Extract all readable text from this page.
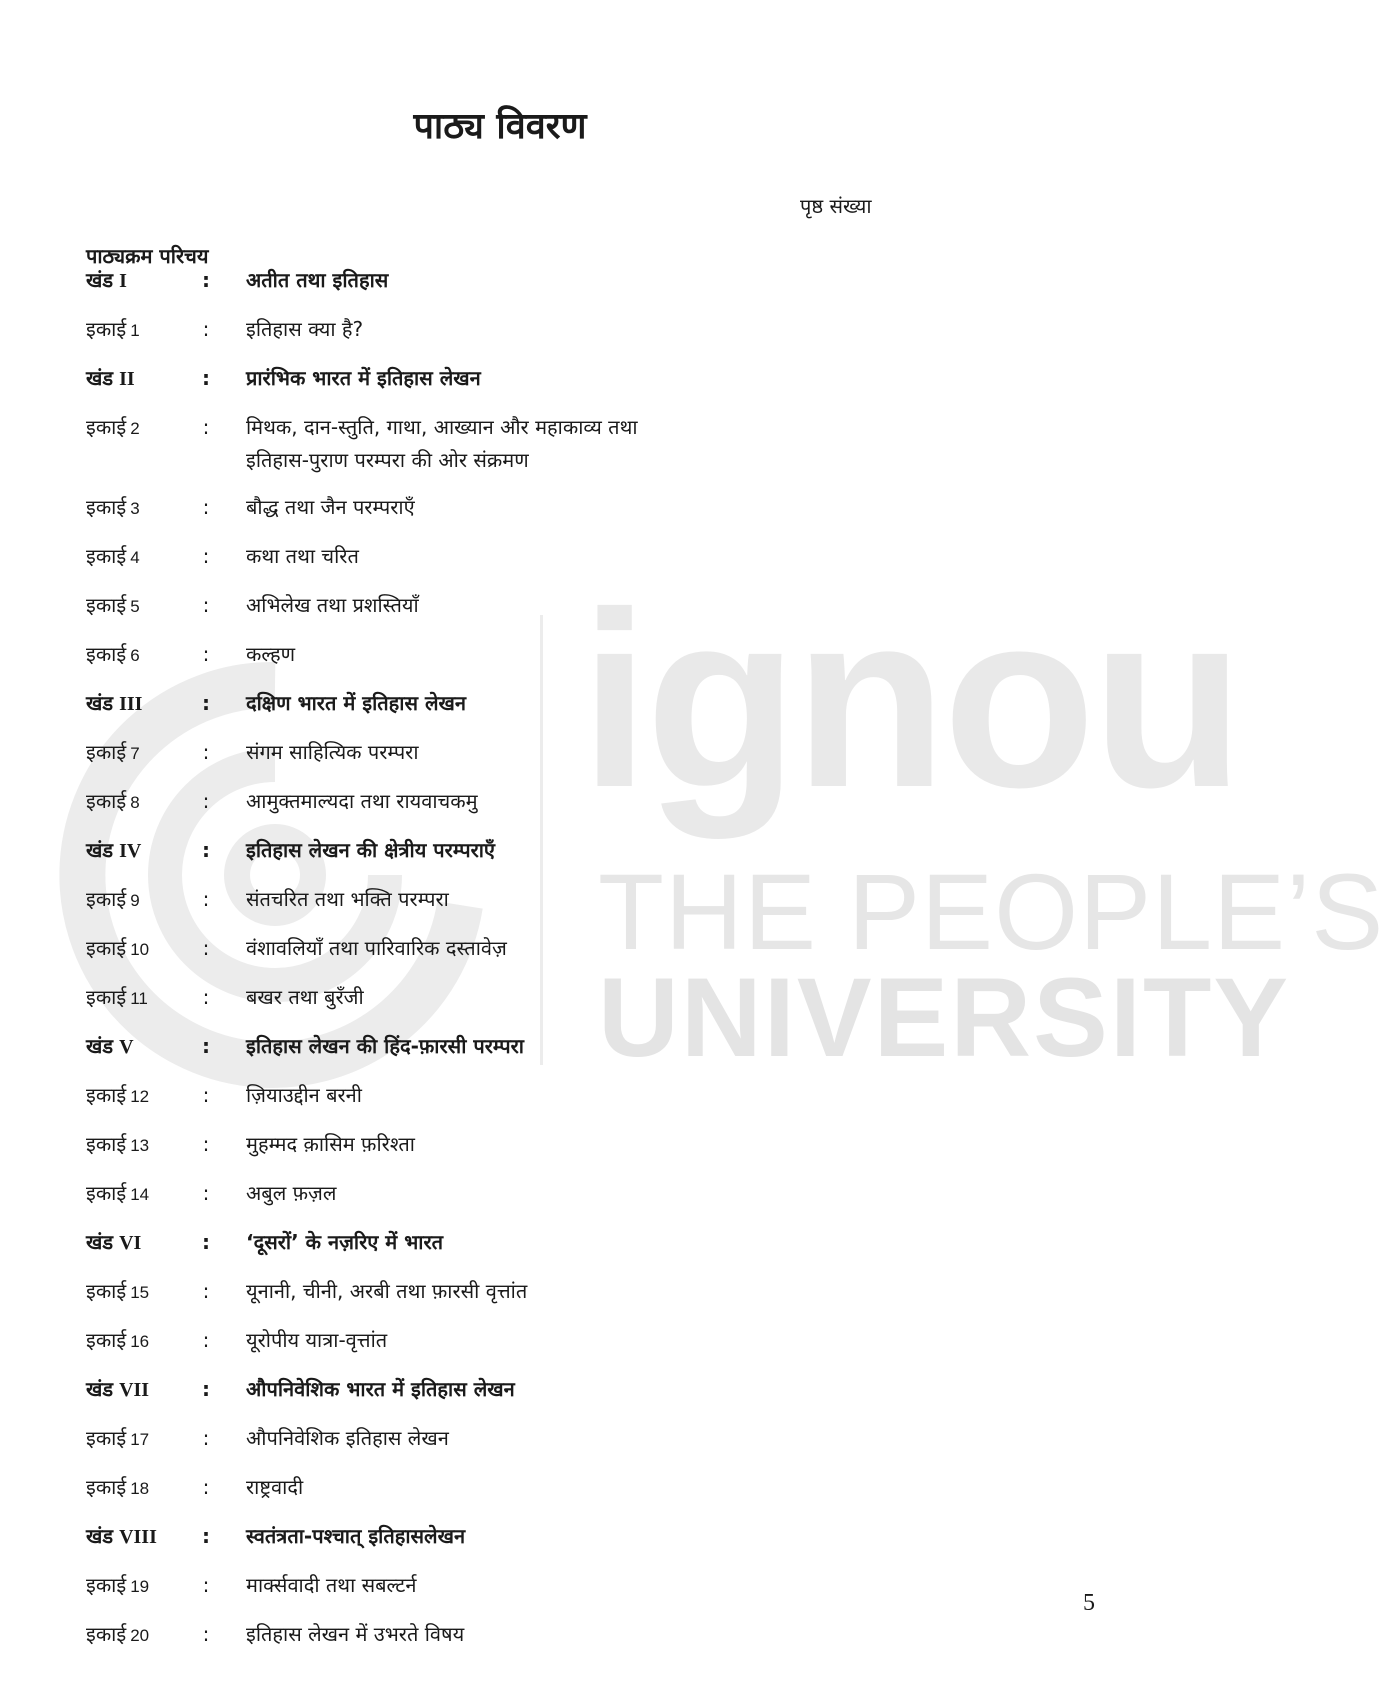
ignou
THE PEOPLE’S
UNIVERSITY
पाठ्य विवरण
पृष्ठ संख्या
पाठ्यक्रम परिचय
खंड I	:	अतीत तथा इतिहास
इकाई 1	:	इतिहास क्या है?
खंड II	:	प्रारंभिक भारत में इतिहास लेखन
इकाई 2	:	मिथक, दान-स्तुति, गाथा, आख्यान और महाकाव्य तथा
इतिहास-पुराण परम्परा की ओर संक्रमण
इकाई 3	:	बौद्ध तथा जैन परम्पराएँ
इकाई 4	:	कथा तथा चरित
इकाई 5	:	अभिलेख तथा प्रशस्तियाँ
इकाई 6	:	कल्हण
खंड III	:	दक्षिण भारत में इतिहास लेखन
इकाई 7	:	संगम साहित्यिक परम्परा
इकाई 8	:	आमुक्तमाल्यदा तथा रायवाचकमु
खंड IV	:	इतिहास लेखन की क्षेत्रीय परम्पराएँ
इकाई 9	:	संतचरित तथा भक्ति परम्परा
इकाई 10	:	वंशावलियाँ तथा पारिवारिक दस्तावेज़
इकाई 11	:	बखर तथा बुरँजी
खंड V	:	इतिहास लेखन की हिंद-फ़ारसी परम्परा
इकाई 12	:	ज़ियाउद्दीन बरनी
इकाई 13	:	मुहम्मद क़ासिम फ़रिश्ता
इकाई 14	:	अबुल फ़ज़ल
खंड VI	:	‘दूसरों’ के नज़रिए में भारत
इकाई 15	:	यूनानी, चीनी, अरबी तथा फ़ारसी वृत्तांत
इकाई 16	:	यूरोपीय यात्रा-वृत्तांत
खंड VII	:	औपनिवेशिक भारत में इतिहास लेखन
इकाई 17	:	औपनिवेशिक इतिहास लेखन
इकाई 18	:	राष्ट्रवादी
खंड VIII	:	स्वतंत्रता-पश्चात् इतिहासलेखन
इकाई 19	:	मार्क्सवादी तथा सबल्टर्न
इकाई 20	:	इतिहास लेखन में उभरते विषय
5
